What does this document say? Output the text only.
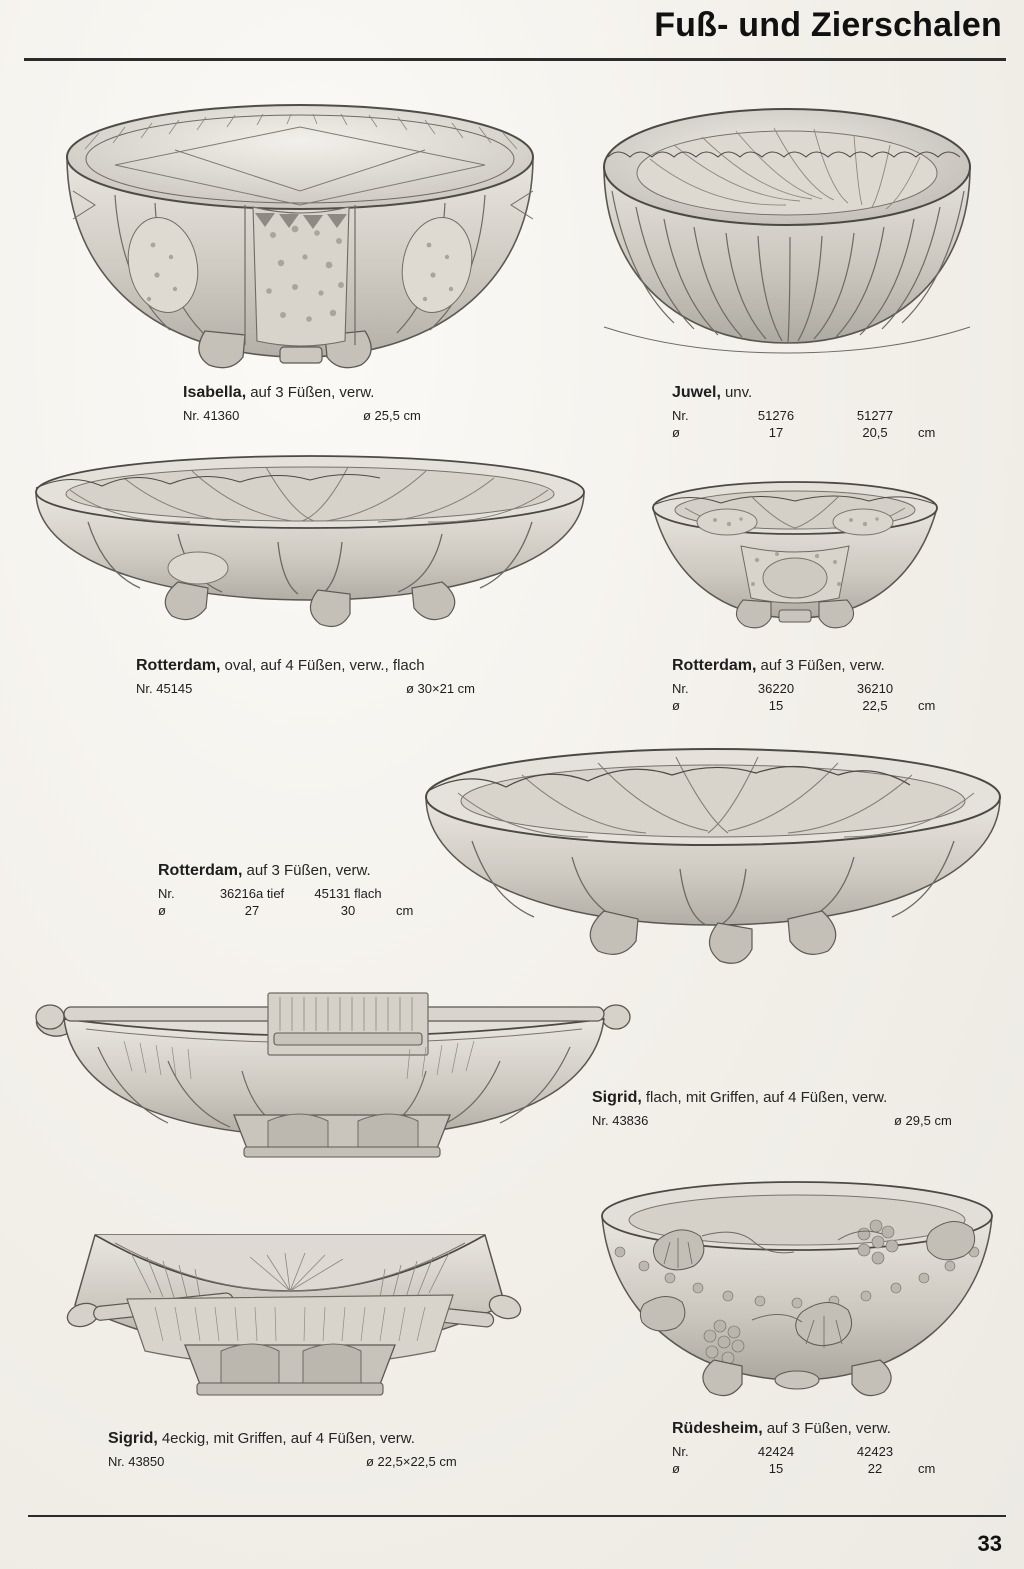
Fuß- und Zierschalen
Isabella, auf 3 Füßen, verw.
Nr. 41360	ø 25,5 cm
Juwel, unv.
Nr.	51276	51277
ø	17	20,5	cm
Rotterdam, oval, auf 4 Füßen, verw., flach
Nr. 45145	ø 30×21 cm
Rotterdam, auf 3 Füßen, verw.
Nr.	36220	36210
ø	15	22,5	cm
Rotterdam, auf 3 Füßen, verw.
Nr.	36216a tief	45131 flach
ø	27	30	cm
Sigrid, flach, mit Griffen, auf 4 Füßen, verw.
Nr. 43836	ø 29,5 cm
Sigrid, 4eckig, mit Griffen, auf 4 Füßen, verw.
Nr. 43850	ø 22,5×22,5 cm
Rüdesheim, auf 3 Füßen, verw.
Nr.	42424	42423
ø	15	22	cm
33
